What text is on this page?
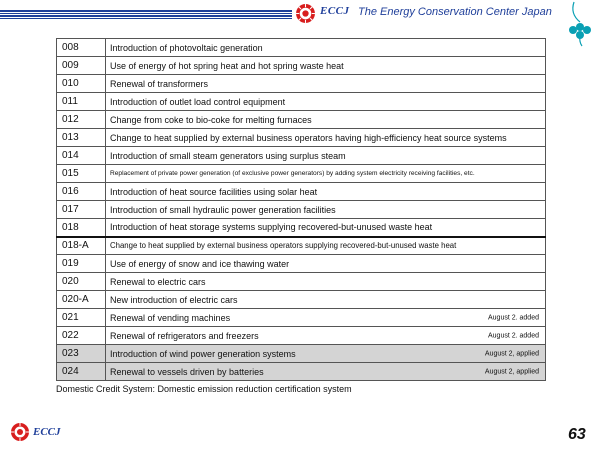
ECCJ The Energy Conservation Center Japan
008	Introduction of photovoltaic generation
009	Use of energy of hot spring heat and hot spring waste heat
010	Renewal of transformers
011	Introduction of outlet load control equipment
012	Change from coke to bio-coke for melting furnaces
013	Change to heat supplied by external business operators having high-efficiency heat source systems
014	Introduction of small steam generators using surplus steam
015	Replacement of private power generation (of exclusive power generators) by adding system electricity receiving facilities, etc.
016	Introduction of heat source facilities using solar heat
017	Introduction of small hydraulic power generation facilities
018	Introduction of heat storage systems supplying recovered-but-unused waste heat
018-A	Change to heat supplied by external business operators supplying recovered-but-unused waste heat
019	Use of energy of snow and ice thawing water
020	Renewal to electric cars
020-A	New introduction of electric cars
021	Renewal of vending machines August 2. added

022	Renewal of refrigerators and freezers August 2. added

023	Introduction of wind power generation systems August 2, applied

024	Renewal to vessels driven by batteries August 2, applied
Domestic Credit System: Domestic emission reduction certification system
ECCJ	63
